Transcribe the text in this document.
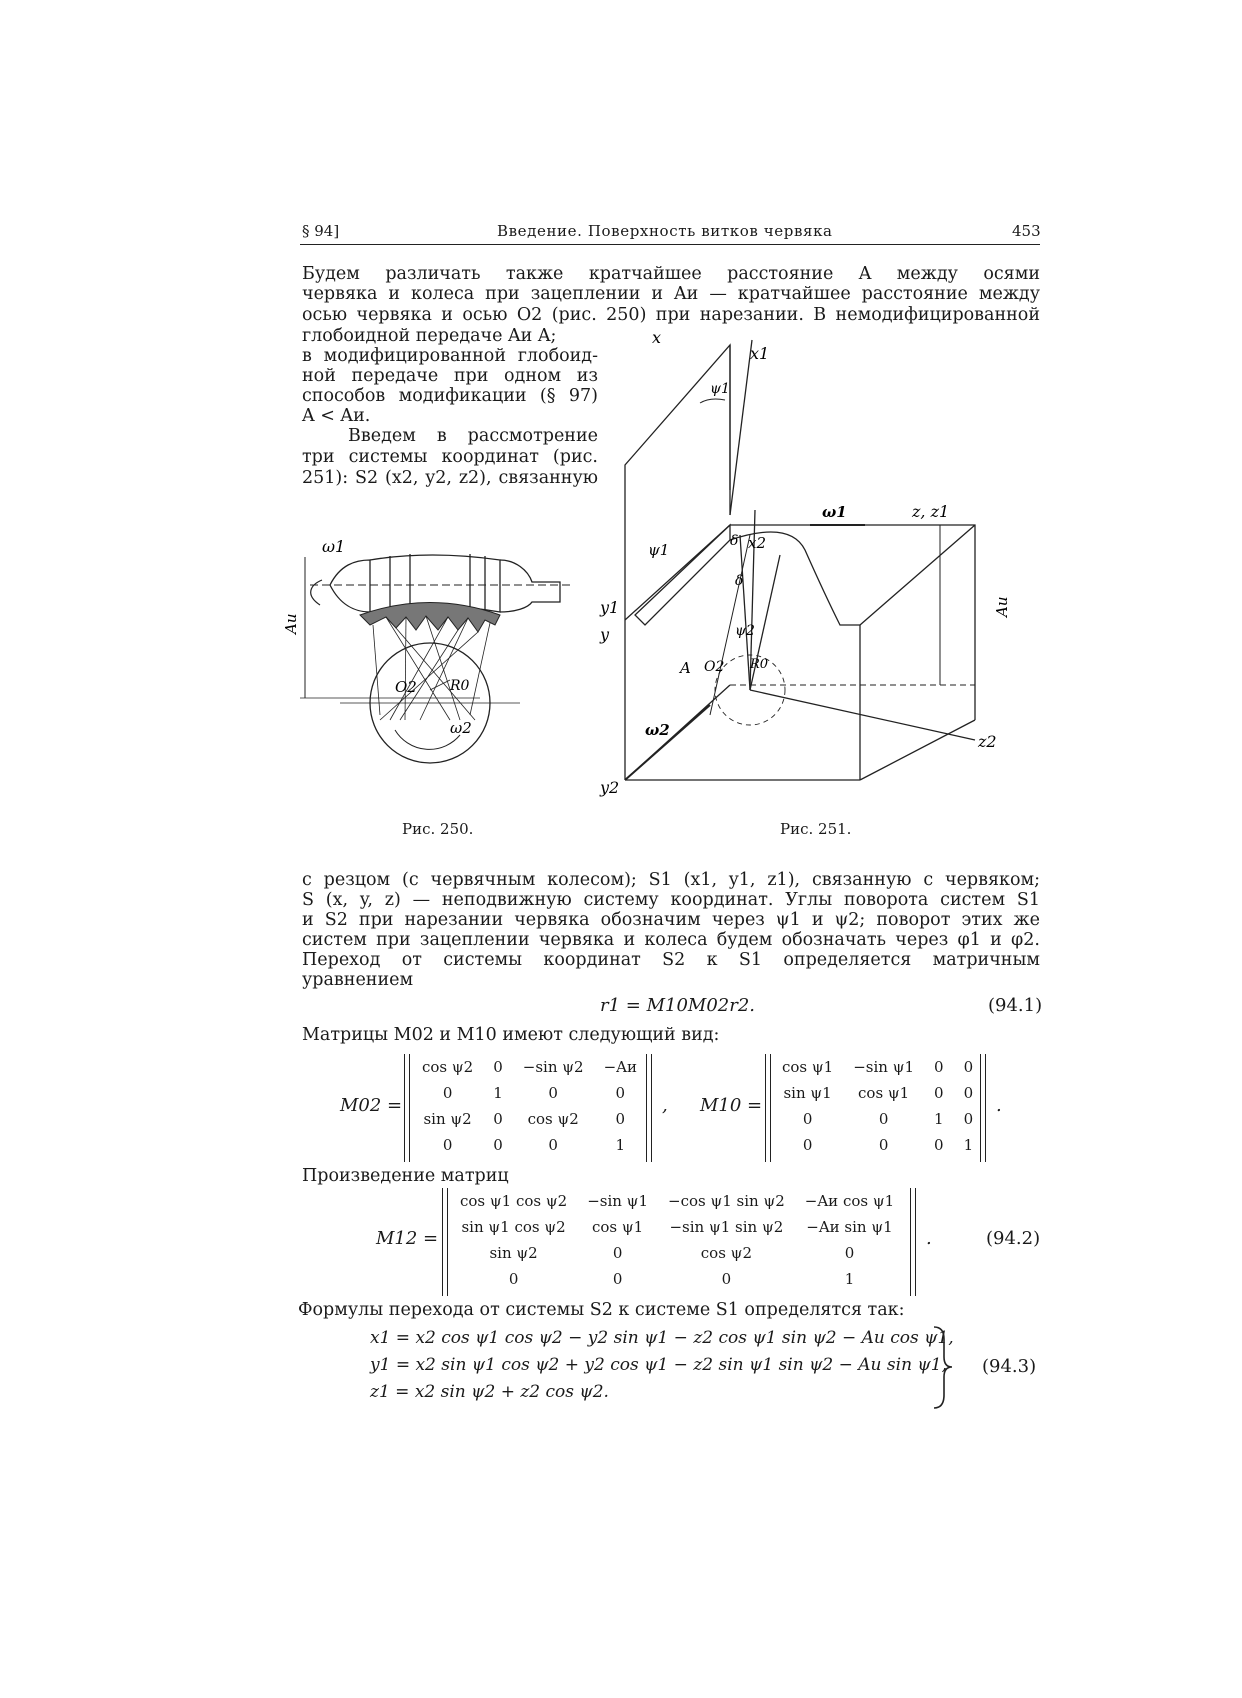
§ 94]	Введение. Поверхность витков червяка	453
Будем различать также кратчайшее расстояние A между осями
червяка и колеса при зацеплении и Aи — кратчайшее расстояние между
осью червяка и осью O2 (рис. 250) при нарезании. В немодифицированной
глобоидной передаче Aи A;
в модифицированной глобоид-
ной передаче при одном из
способов модификации (§ 97)
A < Aи.
Введем в рассмотрение
три системы координат (рис.
251): S2 (x2, y2, z2), связанную
ω1
Aи
O2 R0
ω2
Рис. 250.
x
x1
ψ1
ω1	z, z1
Aи
x2
δ
δ
ψ1
y1
y	ψ2
A O2 R0
ω2
z2
y2
Рис. 251.
с резцом (с червячным колесом); S1 (x1, y1, z1), связанную с червяком;
S (x, y, z) — неподвижную систему координат. Углы поворота систем S1
и S2 при нарезании червяка обозначим через ψ1 и ψ2; поворот этих же
систем при зацеплении червяка и колеса будем обозначать через φ1 и φ2.
Переход от системы координат S2 к S1 определяется матричным
уравнением
r1 = M10M02r2.	(94.1)
Матрицы M02 и M10 имеют следующий вид:
M02 =
cos ψ2	0	−sin ψ2	−Aи
0	1	0	0
sin ψ2	0	cos ψ2	0
0	0	0	1
, M10 =
cos ψ1	−sin ψ1	0	0
sin ψ1	cos ψ1	0	0
0	0	1	0
0	0	0	1
.
Произведение матриц
M12 =
cos ψ1 cos ψ2	−sin ψ1	−cos ψ1 sin ψ2	−Aи cos ψ1
sin ψ1 cos ψ2	cos ψ1	−sin ψ1 sin ψ2	−Aи sin ψ1
sin ψ2	0	cos ψ2	0
0	0	0	1
.	(94.2)
Формулы перехода от системы S2 к системе S1 определятся так:
x1 = x2 cos ψ1 cos ψ2 − y2 sin ψ1 − z2 cos ψ1 sin ψ2 − Aи cos ψ1,
y1 = x2 sin ψ1 cos ψ2 + y2 cos ψ1 − z2 sin ψ1 sin ψ2 − Aи sin ψ1,
z1 = x2 sin ψ2 + z2 cos ψ2.
(94.3)
